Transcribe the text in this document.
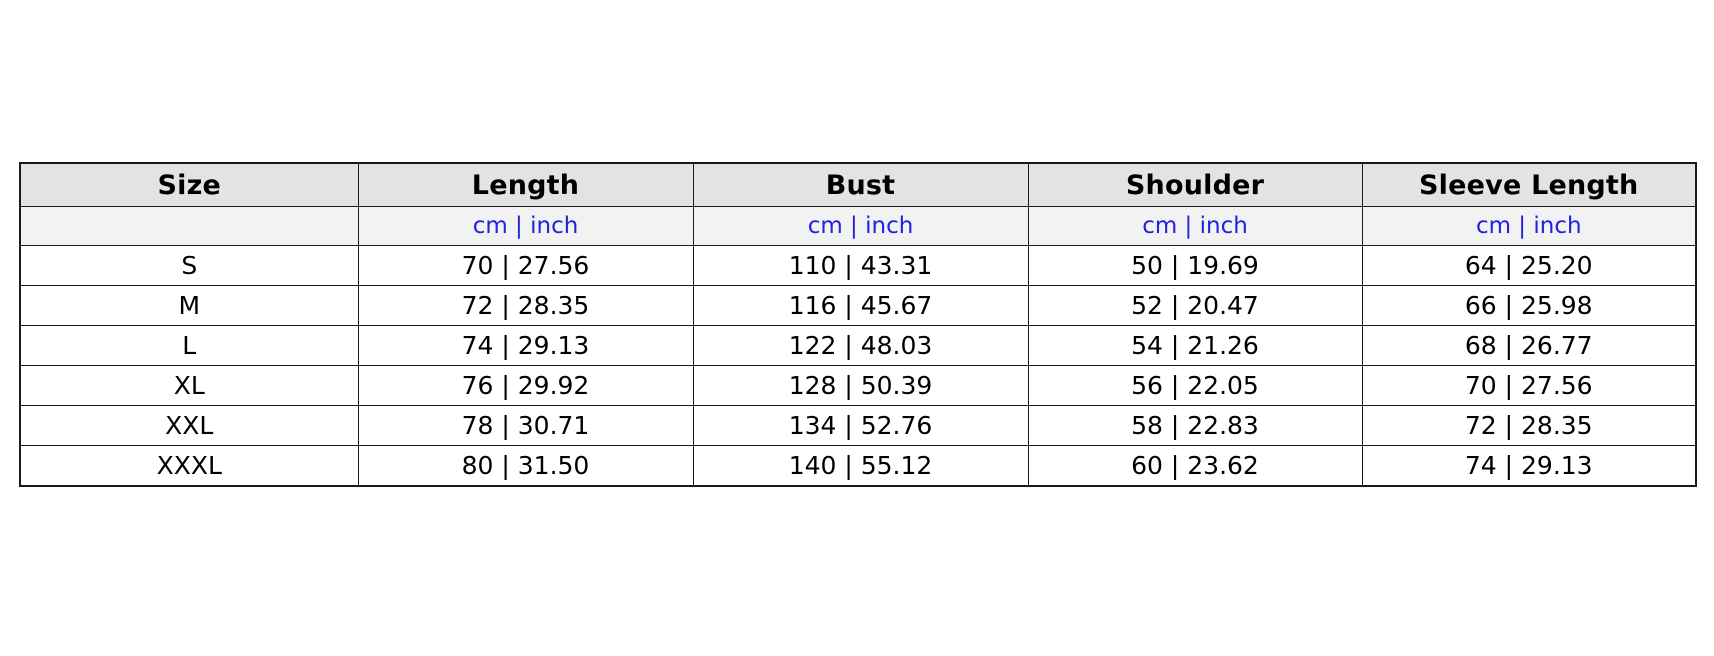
Size	Length	Bust	Shoulder	Sleeve Length
	cm | inch	cm | inch	cm | inch	cm | inch
S	70 | 27.56	110 | 43.31	50 | 19.69	64 | 25.20
M	72 | 28.35	116 | 45.67	52 | 20.47	66 | 25.98
L	74 | 29.13	122 | 48.03	54 | 21.26	68 | 26.77
XL	76 | 29.92	128 | 50.39	56 | 22.05	70 | 27.56
XXL	78 | 30.71	134 | 52.76	58 | 22.83	72 | 28.35
XXXL	80 | 31.50	140 | 55.12	60 | 23.62	74 | 29.13
